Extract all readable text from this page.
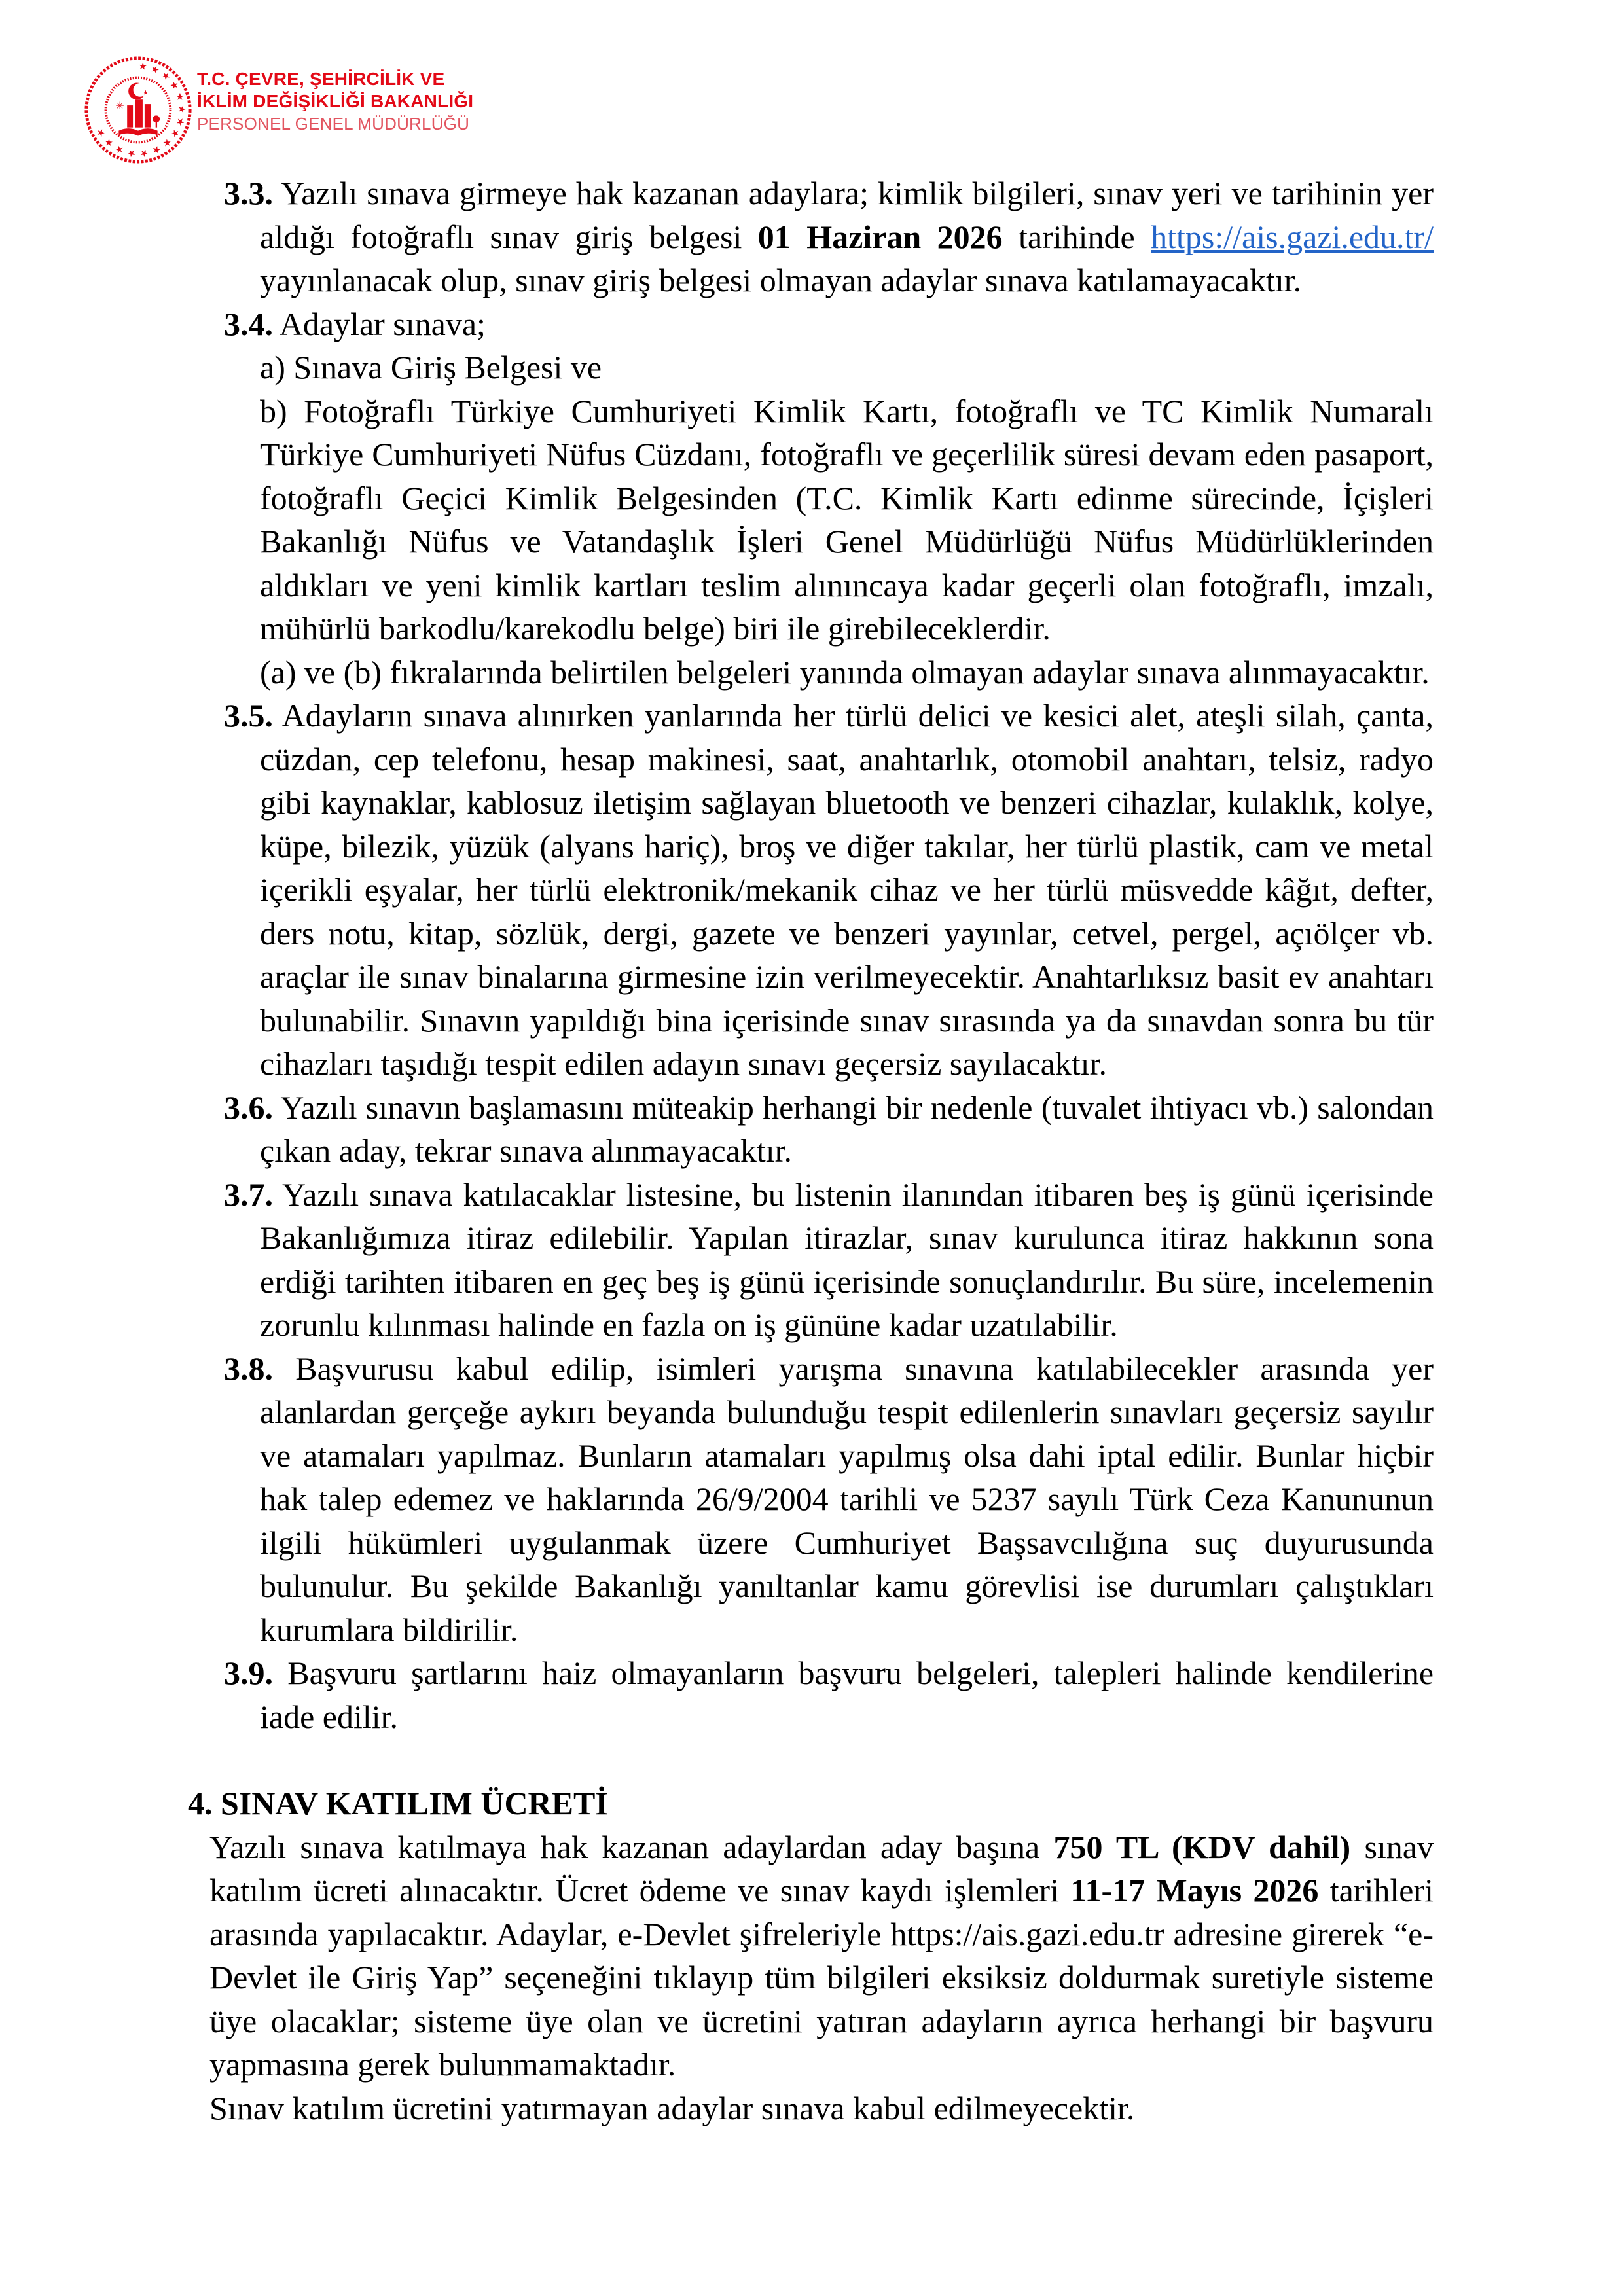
★ ★ ★ ★ ★ ★ ★ ★ ★ ★ ★ ★ ★ ★ ★
★
✳
T.C. ÇEVRE, ŞEHİRCİLİK VE
İKLİM DEĞİŞİKLİĞİ BAKANLIĞI
PERSONEL GENEL MÜDÜRLÜĞÜ

3.3. Yazılı sınava girmeye hak kazanan adaylara; kimlik bilgileri, sınav yeri ve tarihinin yer aldığı fotoğraflı sınav giriş belgesi 01 Haziran 2026 tarihinde https://ais.gazi.edu.tr/ yayınlanacak olup, sınav giriş belgesi olmayan adaylar sınava katılamayacaktır.

3.4. Adaylar sınava;

a) Sınava Giriş Belgesi ve

b) Fotoğraflı Türkiye Cumhuriyeti Kimlik Kartı, fotoğraflı ve TC Kimlik Numaralı Türkiye Cumhuriyeti Nüfus Cüzdanı, fotoğraflı ve geçerlilik süresi devam eden pasaport, fotoğraflı Geçici Kimlik Belgesinden (T.C. Kimlik Kartı edinme sürecinde, İçişleri Bakanlığı Nüfus ve Vatandaşlık İşleri Genel Müdürlüğü Nüfus Müdürlüklerinden aldıkları ve yeni kimlik kartları teslim alınıncaya kadar geçerli olan fotoğraflı, imzalı, mühürlü barkodlu/karekodlu belge) biri ile girebileceklerdir.

(a) ve (b) fıkralarında belirtilen belgeleri yanında olmayan adaylar sınava alınmayacaktır.

3.5. Adayların sınava alınırken yanlarında her türlü delici ve kesici alet, ateşli silah, çanta, cüzdan, cep telefonu, hesap makinesi, saat, anahtarlık, otomobil anahtarı, telsiz, radyo gibi kaynaklar, kablosuz iletişim sağlayan bluetooth ve benzeri cihazlar, kulaklık, kolye, küpe, bilezik, yüzük (alyans hariç), broş ve diğer takılar, her türlü plastik, cam ve metal içerikli eşyalar, her türlü elektronik/mekanik cihaz ve her türlü müsvedde kâğıt, defter, ders notu, kitap, sözlük, dergi, gazete ve benzeri yayınlar, cetvel, pergel, açıölçer vb. araçlar ile sınav binalarına girmesine izin verilmeyecektir. Anahtarlıksız basit ev anahtarı bulunabilir. Sınavın yapıldığı bina içerisinde sınav sırasında ya da sınavdan sonra bu tür cihazları taşıdığı tespit edilen adayın sınavı geçersiz sayılacaktır.

3.6. Yazılı sınavın başlamasını müteakip herhangi bir nedenle (tuvalet ihtiyacı vb.) salondan çıkan aday, tekrar sınava alınmayacaktır.

3.7. Yazılı sınava katılacaklar listesine, bu listenin ilanından itibaren beş iş günü içerisinde Bakanlığımıza itiraz edilebilir. Yapılan itirazlar, sınav kurulunca itiraz hakkının sona erdiği tarihten itibaren en geç beş iş günü içerisinde sonuçlandırılır. Bu süre, incelemenin zorunlu kılınması halinde en fazla on iş gününe kadar uzatılabilir.

3.8. Başvurusu kabul edilip, isimleri yarışma sınavına katılabilecekler arasında yer alanlardan gerçeğe aykırı beyanda bulunduğu tespit edilenlerin sınavları geçersiz sayılır ve atamaları yapılmaz. Bunların atamaları yapılmış olsa dahi iptal edilir. Bunlar hiçbir hak talep edemez ve haklarında 26/9/2004 tarihli ve 5237 sayılı Türk Ceza Kanununun ilgili hükümleri uygulanmak üzere Cumhuriyet Başsavcılığına suç duyurusunda bulunulur. Bu şekilde Bakanlığı yanıltanlar kamu görevlisi ise durumları çalıştıkları kurumlara bildirilir.

3.9. Başvuru şartlarını haiz olmayanların başvuru belgeleri, talepleri halinde kendilerine iade edilir.

4. SINAV KATILIM ÜCRETİ

Yazılı sınava katılmaya hak kazanan adaylardan aday başına 750 TL (KDV dahil) sınav katılım ücreti alınacaktır. Ücret ödeme ve sınav kaydı işlemleri 11-17 Mayıs 2026 tarihleri arasında yapılacaktır. Adaylar, e-Devlet şifreleriyle https://ais.gazi.edu.tr adresine girerek “e-Devlet ile Giriş Yap” seçeneğini tıklayıp tüm bilgileri eksiksiz doldurmak suretiyle sisteme üye olacaklar; sisteme üye olan ve ücretini yatıran adayların ayrıca herhangi bir başvuru yapmasına gerek bulunmamaktadır.

Sınav katılım ücretini yatırmayan adaylar sınava kabul edilmeyecektir.
